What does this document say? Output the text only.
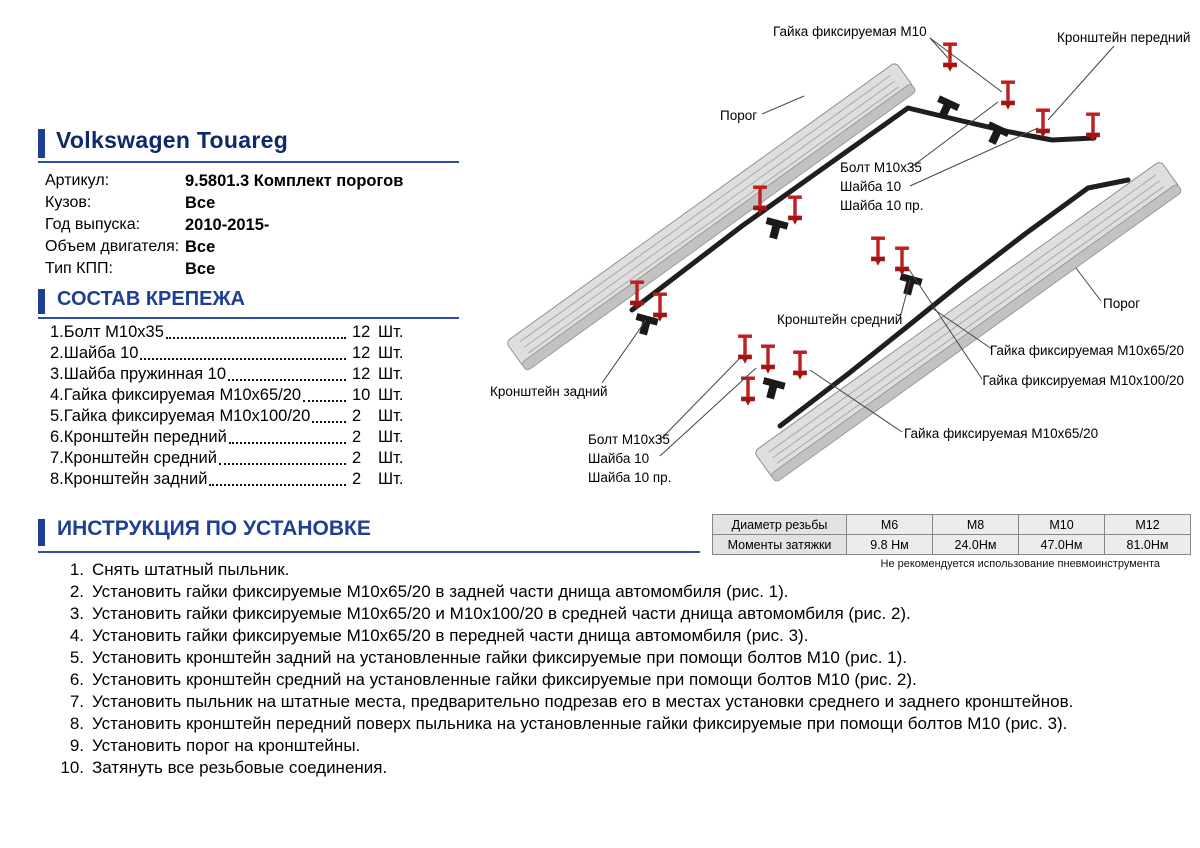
Volkswagen Touareg
Артикул:	9.5801.3 Комплект порогов
Кузов:	Все
Год выпуска:	2010-2015-
Объем двигателя: Все
Тип КПП:	Все
СОСТАВ КРЕПЕЖА
1.Болт М10х35	12 Шт.
2.Шайба 10	12 Шт.
3.Шайба пружинная 10	12 Шт.
4.Гайка фиксируемая М10х65/20	10 Шт.
5.Гайка фиксируемая М10х100/20	2	Шт.
6.Кронштейн передний	2	Шт.
7.Кронштейн средний	2	Шт.
8.Кронштейн задний	2	Шт.
Гайка фиксируемая М10	Кронштейн передний
Порог
Болт М10х35
Шайба 10
Шайба 10 пр.
Кронштейн средний
Порог
Гайка фиксируемая М10х65/20
Гайка фиксируемая М10х100/20
Кронштейн задний
Болт М10х35
Шайба 10
Шайба 10 пр.
Гайка фиксируемая М10х65/20
ИНСТРУКЦИЯ ПО УСТАНОВКЕ	Диаметр резьбы	М6	М8	М10	М12
Моменты затяжки	9.8 Нм	24.0Нм	47.0Нм	81.0Нм
Не рекомендуется использование пневмоинструмента
1. Снять штатный пыльник.
2. Установить гайки фиксируемые М10х65/20 в задней части днища автомомбиля (рис. 1).
3. Установить гайки фиксируемые М10х65/20 и М10х100/20 в средней части днища автомомбиля (рис. 2).
4. Установить гайки фиксируемые М10х65/20 в передней части днища автомомбиля (рис. 3).
5. Установить кронштейн задний на установленные гайки фиксируемые при помощи болтов М10 (рис. 1).
6. Установить кронштейн средний на установленные гайки фиксируемые при помощи болтов М10 (рис. 2).
7. Установить пыльник на штатные места, предварительно подрезав его в местах установки среднего и заднего кронштейнов.
8. Установить кронштейн передний поверх пыльника на установленные гайки фиксируемые при помощи болтов М10 (рис. 3).
9. Установить порог на кронштейны.
10. Затянуть все резьбовые соединения.
